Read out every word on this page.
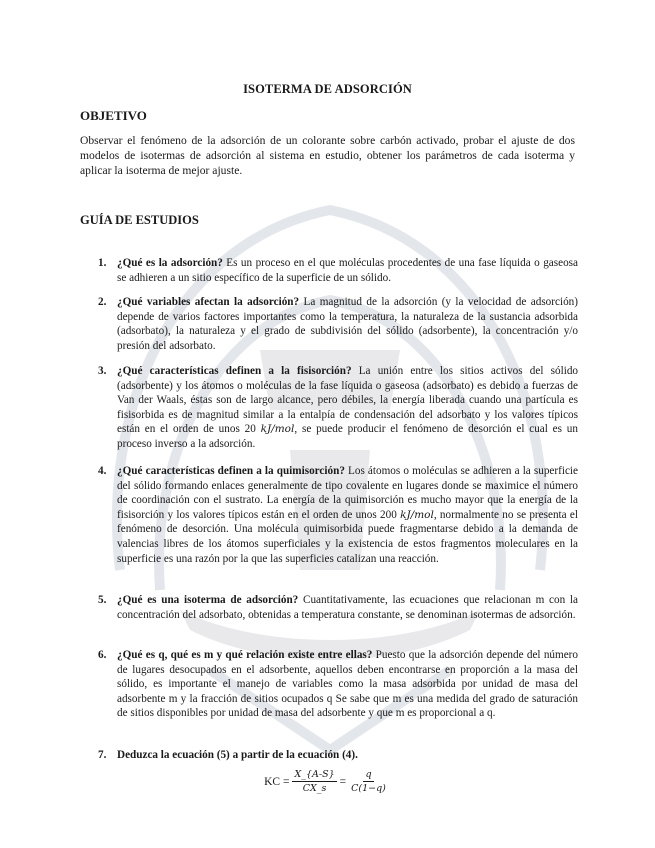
ISOTERMA DE ADSORCIÓN
OBJETIVO
Observar el fenómeno de la adsorción de un colorante sobre carbón activado, probar el ajuste de dos modelos de isotermas de adsorción al sistema en estudio, obtener los parámetros de cada isoterma y aplicar la isoterma de mejor ajuste.
GUÍA DE ESTUDIOS
1. ¿Qué es la adsorción? Es un proceso en el que moléculas procedentes de una fase líquida o gaseosa se adhieren a un sitio específico de la superficie de un sólido.
2. ¿Qué variables afectan la adsorción? La magnitud de la adsorción (y la velocidad de adsorción) depende de varios factores importantes como la temperatura, la naturaleza de la sustancia adsorbida (adsorbato), la naturaleza y el grado de subdivisión del sólido (adsorbente), la concentración y/o presión del adsorbato.
3. ¿Qué características definen a la fisisorción? La unión entre los sitios activos del sólido (adsorbente) y los átomos o moléculas de la fase líquida o gaseosa (adsorbato) es debido a fuerzas de Van der Waals, éstas son de largo alcance, pero débiles, la energía liberada cuando una partícula es fisisorbida es de magnitud similar a la entalpía de condensación del adsorbato y los valores típicos están en el orden de unos 20 kJ/mol, se puede producir el fenómeno de desorción el cual es un proceso inverso a la adsorción.
4. ¿Qué características definen a la quimisorción? Los átomos o moléculas se adhieren a la superficie del sólido formando enlaces generalmente de tipo covalente en lugares donde se maximice el número de coordinación con el sustrato. La energía de la quimisorción es mucho mayor que la energía de la fisisorción y los valores típicos están en el orden de unos 200 kJ/mol, normalmente no se presenta el fenómeno de desorción. Una molécula quimisorbida puede fragmentarse debido a la demanda de valencias libres de los átomos superficiales y la existencia de estos fragmentos moleculares en la superficie es una razón por la que las superficies catalizan una reacción.
5. ¿Qué es una isoterma de adsorción? Cuantitativamente, las ecuaciones que relacionan m con la concentración del adsorbato, obtenidas a temperatura constante, se denominan isotermas de adsorción.
6. ¿Qué es q, qué es m y qué relación existe entre ellas? Puesto que la adsorción depende del número de lugares desocupados en el adsorbente, aquellos deben encontrarse en proporción a la masa del sólido, es importante el manejo de variables como la masa adsorbida por unidad de masa del adsorbente m y la fracción de sitios ocupados q Se sabe que m es una medida del grado de saturación de sitios disponibles por unidad de masa del adsorbente y que m es proporcional a q.
7. Deduzca la ecuación (5) a partir de la ecuación (4).
KC = $\frac{X\_\{A-S\}}{CX\_s} = \frac{q}{C(1-q)}$
